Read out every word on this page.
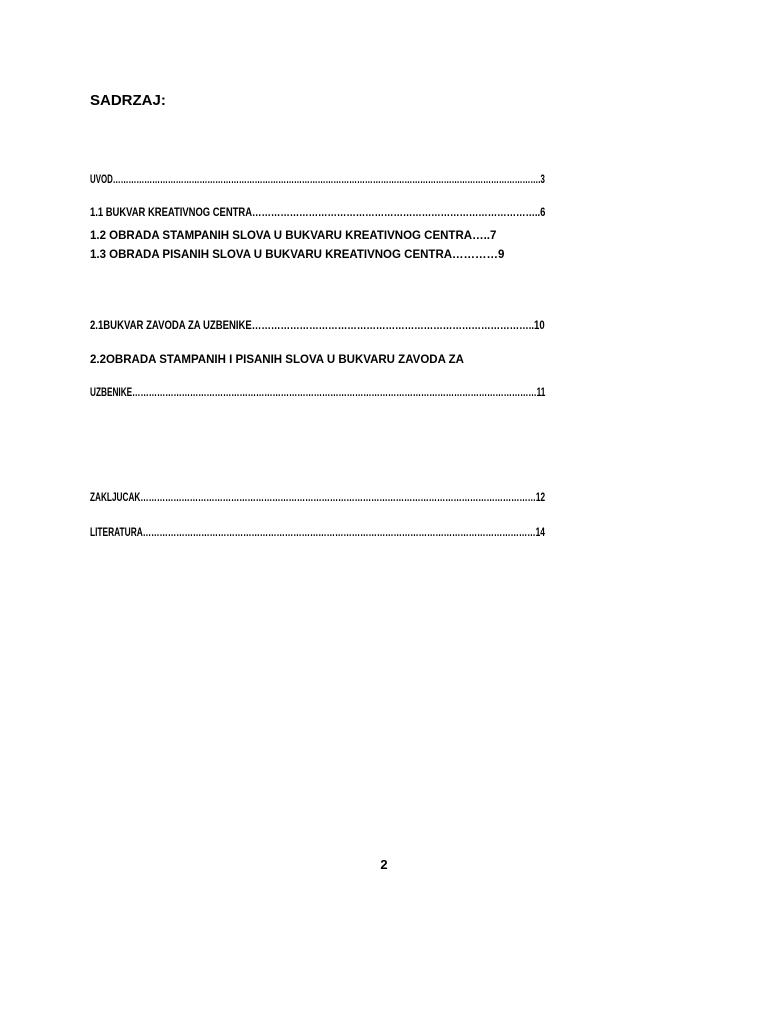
SADRZAJ:
UVOD……………………………………………………………………………………………………………………………………………….3
1.1 BUKVAR KREATIVNOG CENTRA………………………………………………………………………………..6
1.2 OBRADA STAMPANIH SLOVA U BUKVARU KREATIVNOG CENTRA…..7
1.3 OBRADA PISANIH SLOVA U BUKVARU KREATIVNOG CENTRA…………9
2.1BUKVAR ZAVODA ZA UZBENIKE……………………………………………………………………………..10
2.2OBRADA STAMPANIH I PISANIH SLOVA U BUKVARU ZAVODA ZA
UZBENIKE…………………………………………………………………………………………………………………………………11
ZAKLJUCAK………………………………………………………………………………………………………………………………12
LITERATURA……………………………………………………………………………………………………………………………14
2
